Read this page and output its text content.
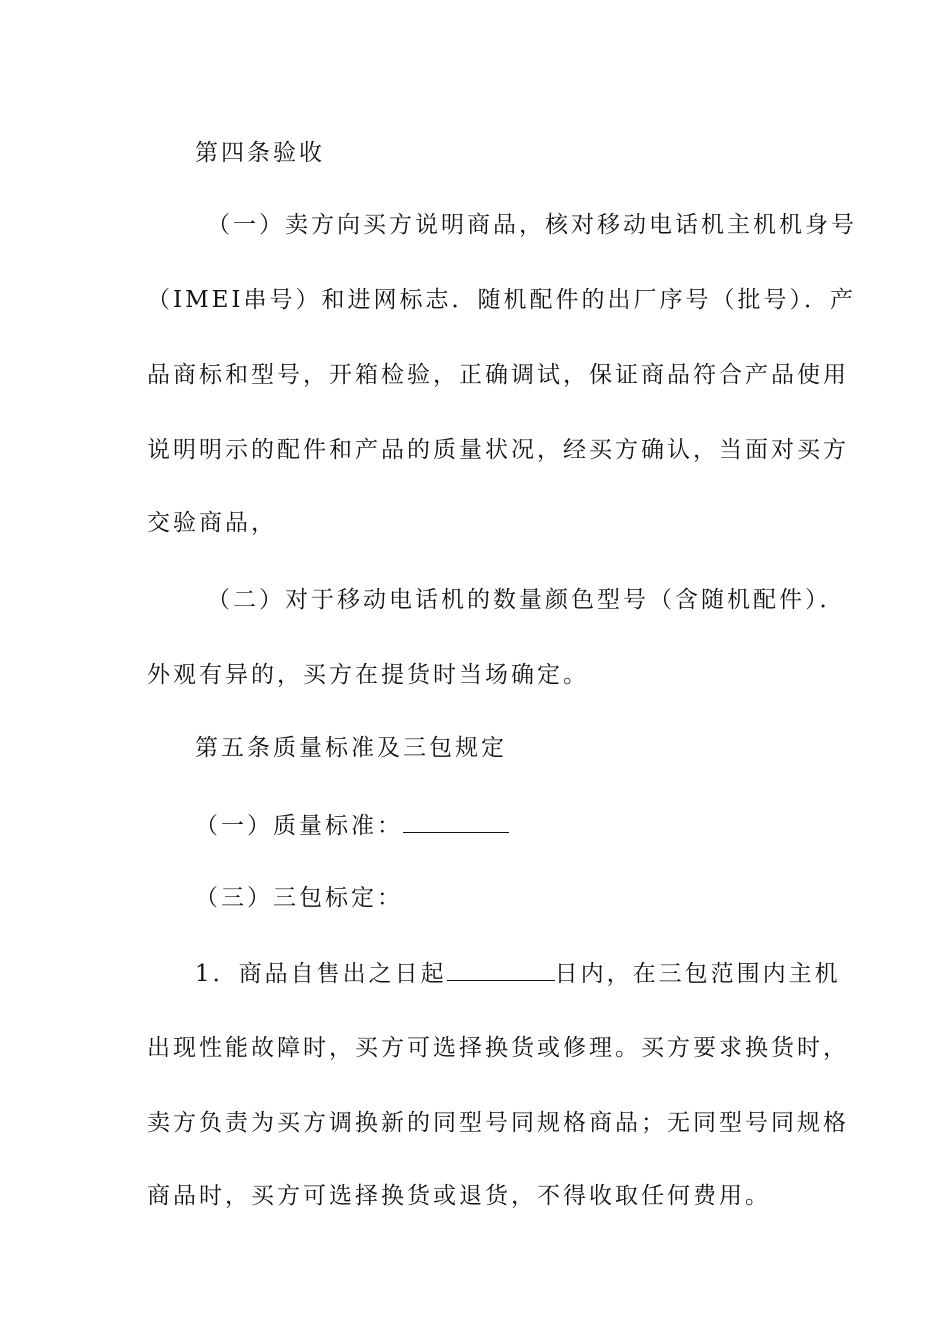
第四条验收
（一）卖方向买方说明商品，核对移动电话机主机机身号
（IMEI串号）和进网标志．随机配件的出厂序号（批号）．产
品商标和型号，开箱检验，正确调试，保证商品符合产品使用
说明明示的配件和产品的质量状况，经买方确认，当面对买方
交验商品，
（二）对于移动电话机的数量颜色型号（含随机配件）．
外观有异的，买方在提货时当场确定。
第五条质量标准及三包规定
（一）质量标准：
（三）三包标定：
1．商品自售出之日起	日内，在三包范围内主机
出现性能故障时，买方可选择换货或修理。买方要求换货时，
卖方负责为买方调换新的同型号同规格商品；无同型号同规格
商品时，买方可选择换货或退货，不得收取任何费用。
